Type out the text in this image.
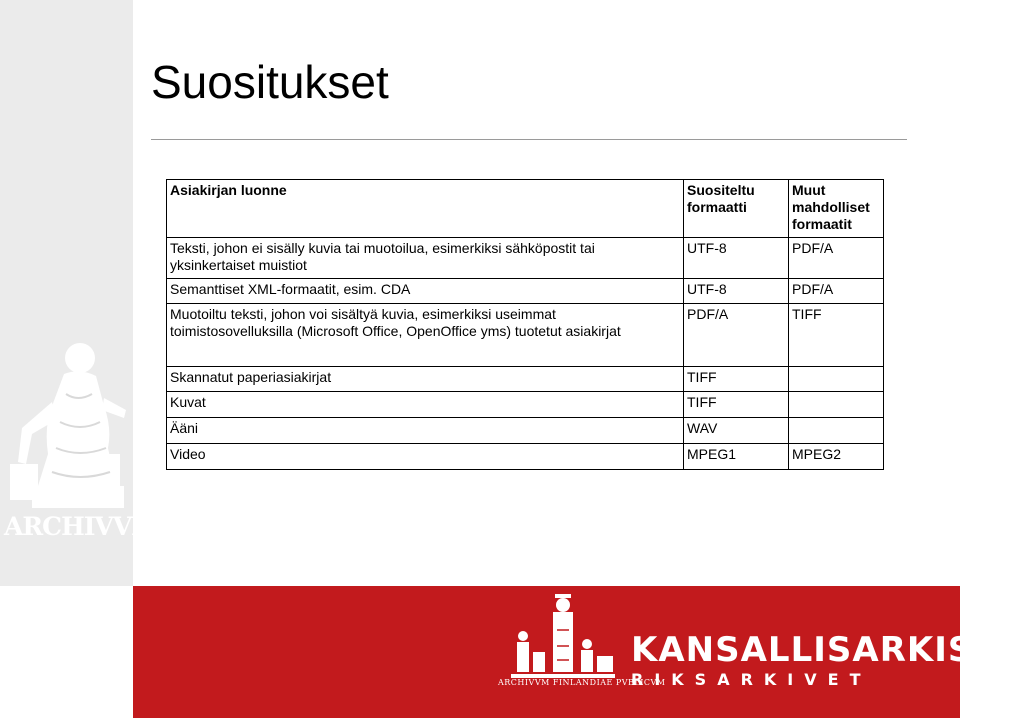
ARCHIVVM
Suositukset
Asiakirjan luonne	Suositeltu formaatti	Muut mahdolliset formaatit
Teksti, johon ei sisälly kuvia tai muotoilua, esimerkiksi sähköpostit tai yksinkertaiset muistiot	UTF-8	PDF/A
Semanttiset XML-formaatit, esim. CDA	UTF-8	PDF/A
Muotoiltu teksti, johon voi sisältyä kuvia, esimerkiksi useimmat toimistosovelluksilla (Microsoft Office, OpenOffice yms) tuotetut asiakirjat	PDF/A	TIFF
Skannatut paperiasiakirjat	TIFF	
Kuvat	TIFF	
Ääni	WAV	
Video	MPEG1	MPEG2
ARCHIVVM FINLANDIAE PVBLICVM
KANSALLISARKISTO
RIKSARKIVET
